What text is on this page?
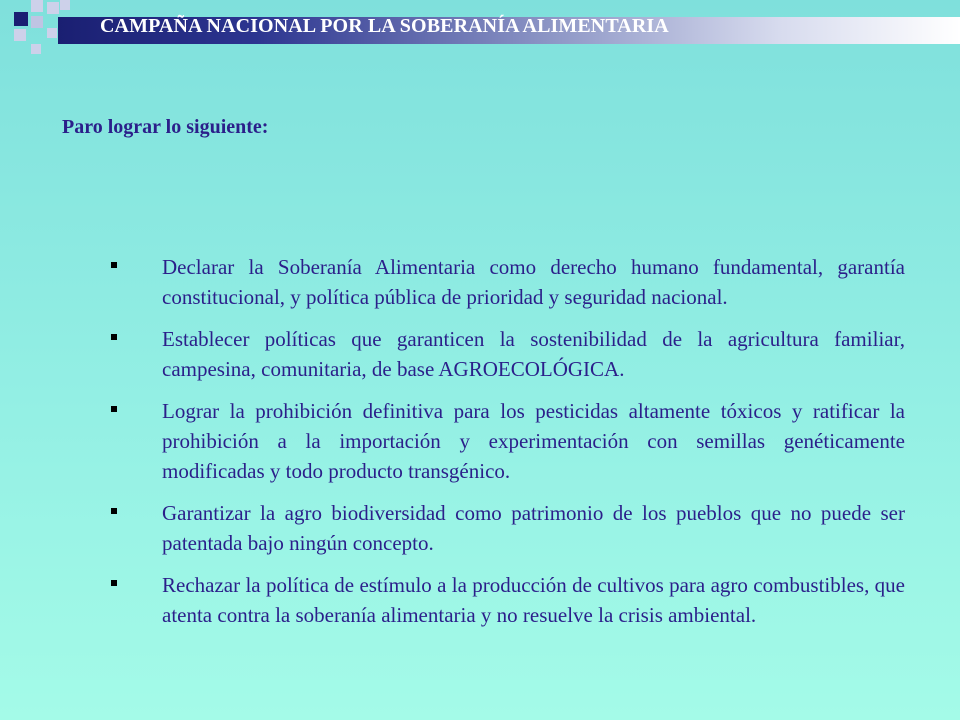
CAMPAÑA NACIONAL POR LA SOBERANÍA ALIMENTARIA
Paro lograr lo siguiente:
Declarar la Soberanía Alimentaria como derecho humano fundamental, garantía constitucional, y política pública de prioridad y seguridad nacional.
Establecer políticas que garanticen la sostenibilidad de la agricultura familiar, campesina, comunitaria, de base AGROECOLÓGICA.
Lograr la prohibición definitiva para los pesticidas altamente tóxicos y ratificar la prohibición a la importación y experimentación con semillas genéticamente modificadas y todo producto transgénico.
Garantizar la agro biodiversidad como patrimonio de los pueblos que no puede ser patentada bajo ningún concepto.
Rechazar la política de estímulo a la producción de cultivos para agro combustibles, que atenta contra la soberanía alimentaria y no resuelve la crisis ambiental.
